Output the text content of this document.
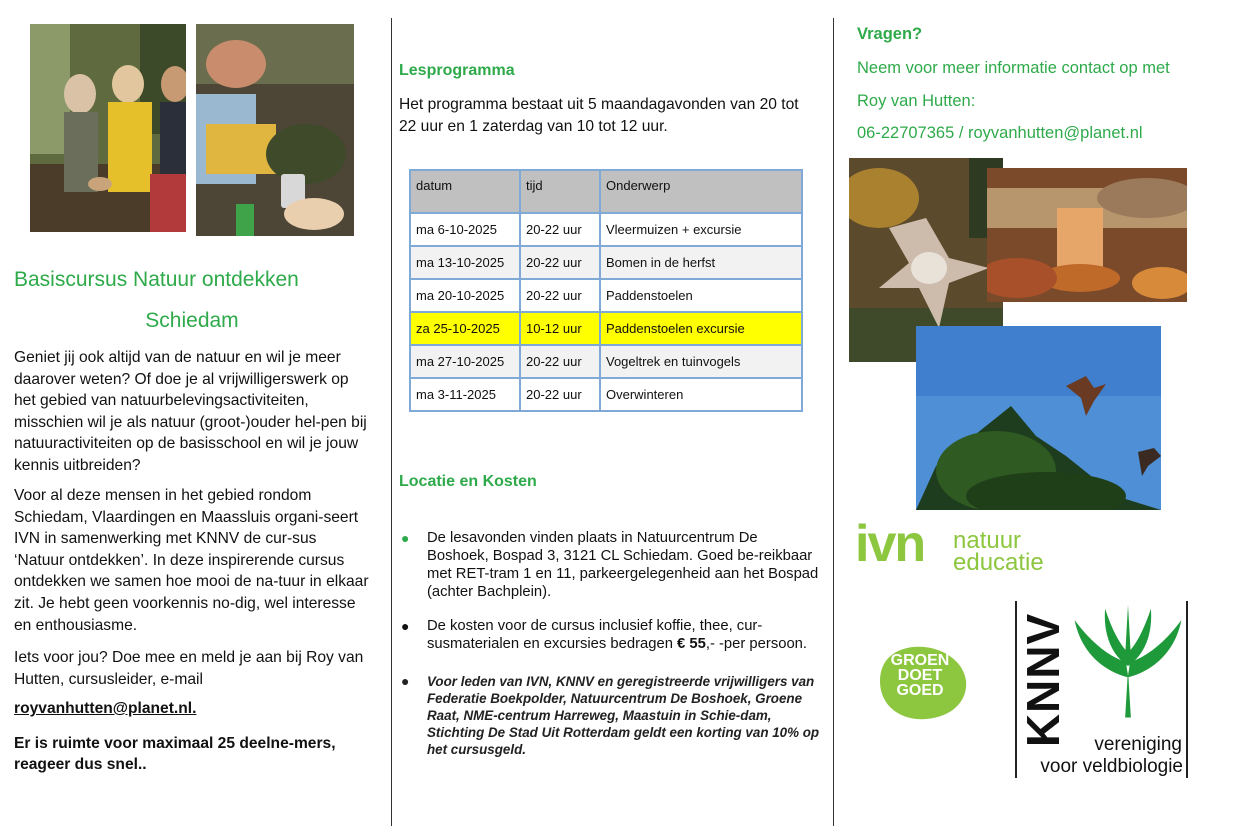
Basiscursus Natuur ontdekken
Schiedam
Geniet jij ook altijd van de natuur en wil je meer daarover weten? Of doe je al vrijwilligerswerk op het gebied van natuurbelevingsactiviteiten, misschien wil je als natuur (groot-)ouder hel-pen bij natuuractiviteiten op de basisschool en wil je jouw kennis uitbreiden?
Voor al deze mensen in het gebied rondom Schiedam, Vlaardingen en Maassluis organi-seert IVN in samenwerking met KNNV de cur-sus ‘Natuur ontdekken’. In deze inspirerende cursus ontdekken we samen hoe mooi de na-tuur in elkaar zit. Je hebt geen voorkennis no-dig, wel interesse en enthousiasme.
Iets voor jou? Doe mee en meld je aan bij Roy van Hutten, cursusleider, e-mail
royvanhutten@planet.nl.
Er is ruimte voor maximaal 25 deelne-mers, reageer dus snel..
Lesprogramma
Het programma bestaat uit 5 maandagavonden van 20 tot 22 uur en 1 zaterdag van 10 tot 12 uur.
datum	tijd	Onderwerp
ma 6-10-2025	20-22 uur	Vleermuizen + excursie
ma 13-10-2025	20-22 uur	Bomen in de herfst
ma 20-10-2025	20-22 uur	Paddenstoelen
za 25-10-2025	10-12 uur	Paddenstoelen excursie
ma 27-10-2025	20-22 uur	Vogeltrek en tuinvogels
ma 3-11-2025	20-22 uur	Overwinteren
Locatie en Kosten
● De lesavonden vinden plaats in Natuurcentrum De Boshoek, Bospad 3, 3121 CL Schiedam. Goed be-reikbaar met RET-tram 1 en 11, parkeergelegenheid aan het Bospad (achter Bachplein).
● De kosten voor de cursus inclusief koffie, thee, cur-susmaterialen en excursies bedragen € 55,- -per persoon.
● Voor leden van IVN, KNNV en geregistreerde vrijwilligers van Federatie Boekpolder, Natuurcentrum De Boshoek, Groene Raat, NME-centrum Harreweg, Maastuin in Schie-dam, Stichting De Stad Uit Rotterdam geldt een korting van 10% op het cursusgeld.
Vragen?
Neem voor meer informatie contact op met
Roy van Hutten:
06-22707365 / royvanhutten@planet.nl
ivn natuur
educatie
GROEN DOET GOED	KNNV vereniging
voor veldbiologie
